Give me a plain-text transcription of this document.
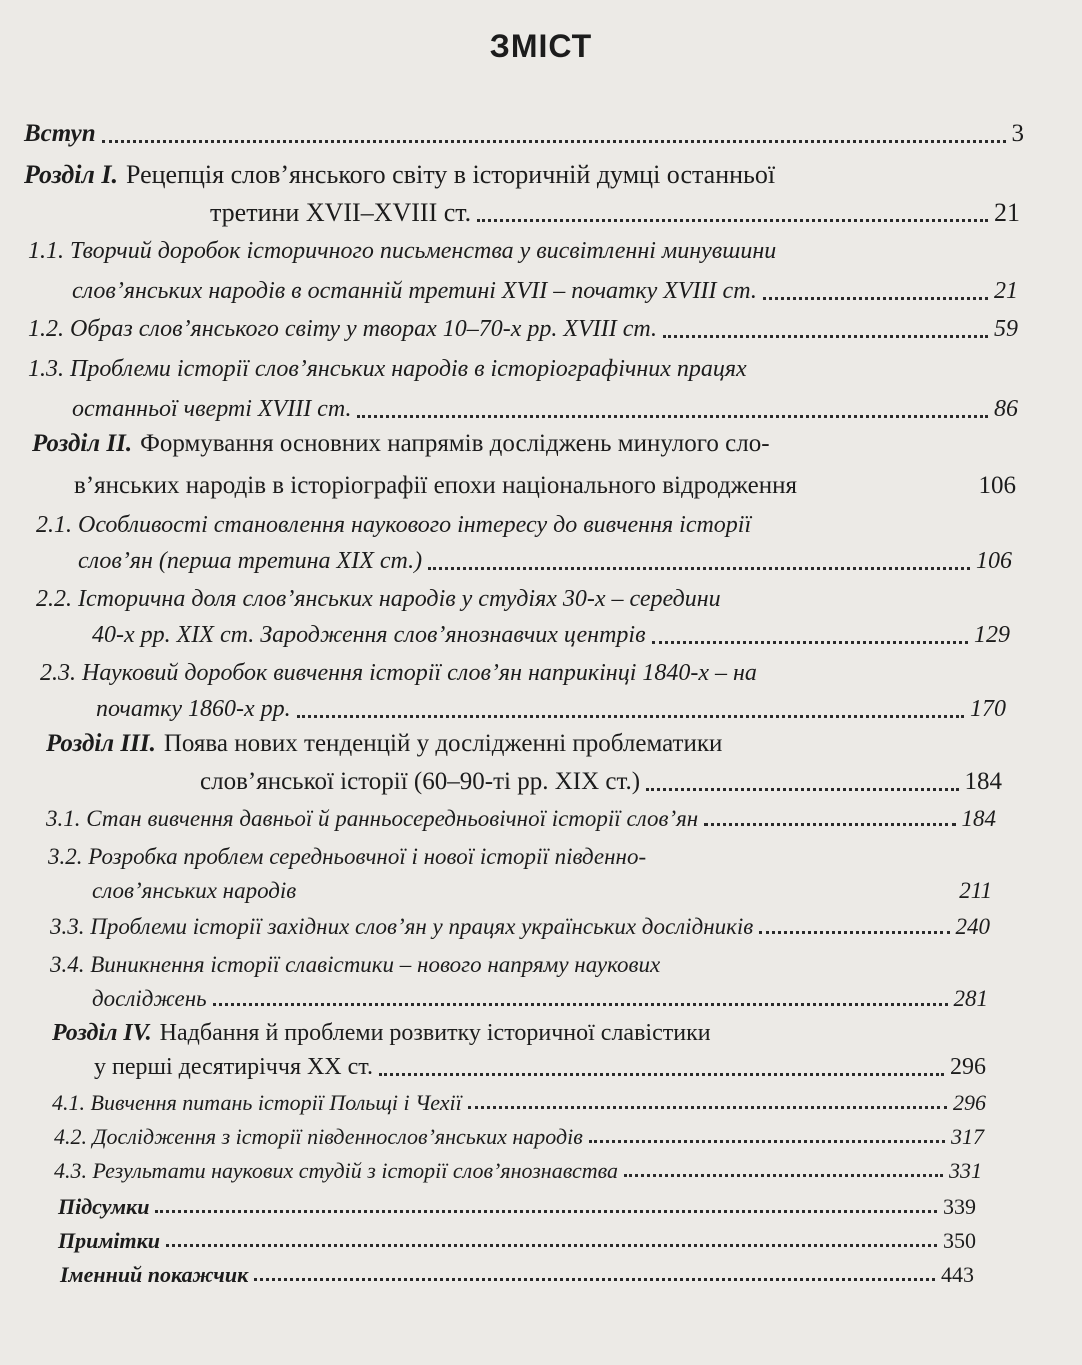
ЗМІСТ
Вступ	3
Розділ І. Рецепція слов’янського світу в історичній думці останньої
третини XVII–XVIII ст.	21
1.1. Творчий доробок історичного письменства у висвітленні минувшини
слов’янських народів в останній третині XVII – початку XVIII ст.	21
1.2. Образ слов’янського світу у творах 10–70-х рр. XVIII ст.	59
1.3. Проблеми історії слов’янських народів в історіографічних працях
останньої чверті XVIII ст.	86
Розділ ІІ. Формування основних напрямів досліджень минулого сло-
в’янських народів в історіографії епохи національного відродження	106
2.1. Особливості становлення наукового інтересу до вивчення історії
слов’ян (перша третина XIX ст.)	106
2.2. Історична доля слов’янських народів у студіях 30-х – середини
40-х рр. XIX ст. Зародження слов’янознавчих центрів	129
2.3. Науковий доробок вивчення історії слов’ян наприкінці 1840-х – на
початку 1860-х рр.	170
Розділ ІІІ. Поява нових тенденцій у дослідженні проблематики
слов’янської історії (60–90-ті рр. XIX ст.)	184
3.1. Стан вивчення давньої й ранньосередньовічної історії слов’ян	184
3.2. Розробка проблем середньовчної і нової історії південно-
слов’янських народів	211
3.3. Проблеми історії західних слов’ян у працях українських дослідників	240
3.4. Виникнення історії славістики – нового напряму наукових
досліджень	281
Розділ IV. Надбання й проблеми розвитку історичної славістики
у перші десятиріччя XX ст.	296
4.1. Вивчення питань історії Польщі і Чехії	296
4.2. Дослідження з історії південнослов’янських народів	317
4.3. Результати наукових студій з історії слов’янознавства	331
Підсумки	339
Примітки	350
Іменний покажчик	443
